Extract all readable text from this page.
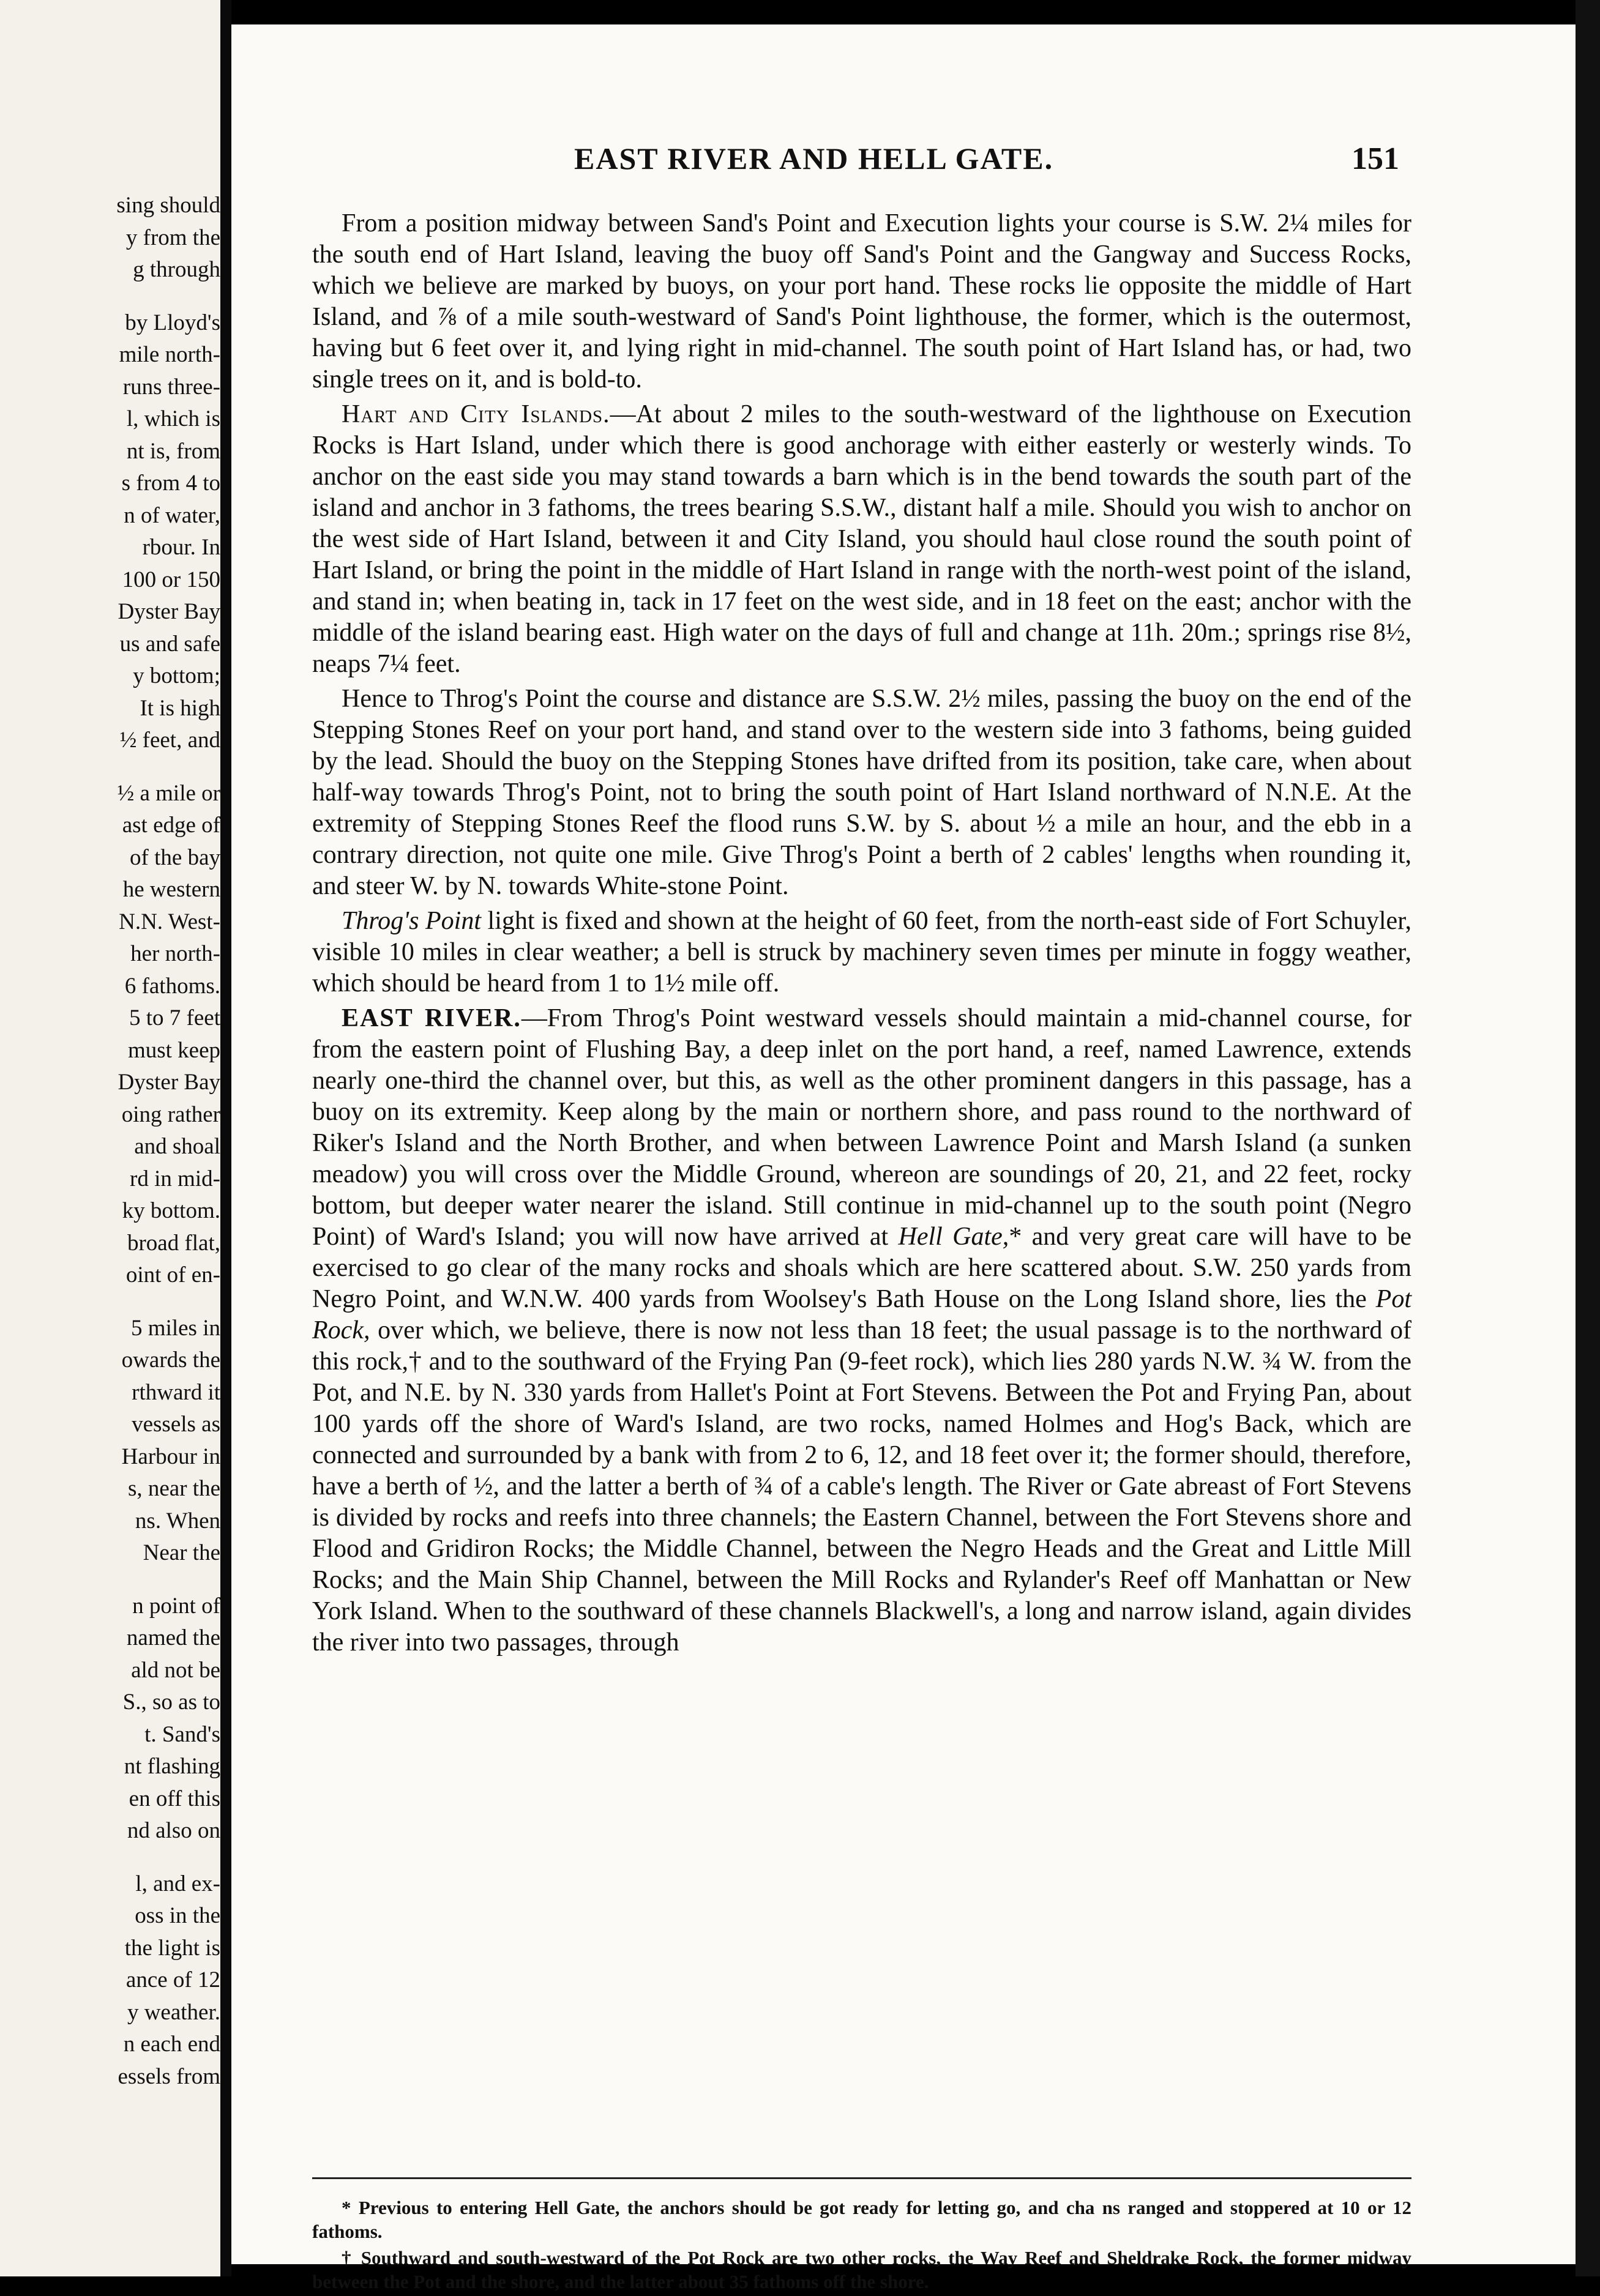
sing should
y from the
g through
by Lloyd's
mile north-
runs three-
l, which is
nt is, from
s from 4 to
n of water,
rbour. In
100 or 150
Dyster Bay
us and safe
y bottom;
It is high
½ feet, and
½ a mile or
ast edge of
of the bay
he western
N.N. West-
her north-
6 fathoms.
5 to 7 feet
must keep
Dyster Bay
oing rather
and shoal
rd in mid-
ky bottom.
broad flat,
oint of en-
5 miles in
owards the
rthward it
vessels as
Harbour in
s, near the
ns. When
Near the
n point of
named the
ald not be
S., so as to
t. Sand's
nt flashing
en off this
nd also on
l, and ex-
oss in the
the light is
ance of 12
y weather.
n each end
essels from
EAST RIVER AND HELL GATE.	151

From a position midway between Sand's Point and Execution lights your course is S.W. 2¼ miles for the south end of Hart Island, leaving the buoy off Sand's Point and the Gangway and Success Rocks, which we believe are marked by buoys, on your port hand. These rocks lie opposite the middle of Hart Island, and ⅞ of a mile south-westward of Sand's Point lighthouse, the former, which is the outermost, having but 6 feet over it, and lying right in mid-channel. The south point of Hart Island has, or had, two single trees on it, and is bold-to.

Hart and City Islands.—At about 2 miles to the south-westward of the lighthouse on Execution Rocks is Hart Island, under which there is good anchorage with either easterly or westerly winds. To anchor on the east side you may stand towards a barn which is in the bend towards the south part of the island and anchor in 3 fathoms, the trees bearing S.S.W., distant half a mile. Should you wish to anchor on the west side of Hart Island, between it and City Island, you should haul close round the south point of Hart Island, or bring the point in the middle of Hart Island in range with the north-west point of the island, and stand in; when beating in, tack in 17 feet on the west side, and in 18 feet on the east; anchor with the middle of the island bearing east. High water on the days of full and change at 11h. 20m.; springs rise 8½, neaps 7¼ feet.

Hence to Throg's Point the course and distance are S.S.W. 2½ miles, passing the buoy on the end of the Stepping Stones Reef on your port hand, and stand over to the western side into 3 fathoms, being guided by the lead. Should the buoy on the Stepping Stones have drifted from its position, take care, when about half-way towards Throg's Point, not to bring the south point of Hart Island northward of N.N.E. At the extremity of Stepping Stones Reef the flood runs S.W. by S. about ½ a mile an hour, and the ebb in a contrary direction, not quite one mile. Give Throg's Point a berth of 2 cables' lengths when rounding it, and steer W. by N. towards White-stone Point.

Throg's Point light is fixed and shown at the height of 60 feet, from the north-east side of Fort Schuyler, visible 10 miles in clear weather; a bell is struck by machinery seven times per minute in foggy weather, which should be heard from 1 to 1½ mile off.

EAST RIVER.—From Throg's Point westward vessels should maintain a mid-channel course, for from the eastern point of Flushing Bay, a deep inlet on the port hand, a reef, named Lawrence, extends nearly one-third the channel over, but this, as well as the other prominent dangers in this passage, has a buoy on its extremity. Keep along by the main or northern shore, and pass round to the northward of Riker's Island and the North Brother, and when between Lawrence Point and Marsh Island (a sunken meadow) you will cross over the Middle Ground, whereon are soundings of 20, 21, and 22 feet, rocky bottom, but deeper water nearer the island. Still continue in mid-channel up to the south point (Negro Point) of Ward's Island; you will now have arrived at Hell Gate,* and very great care will have to be exercised to go clear of the many rocks and shoals which are here scattered about. S.W. 250 yards from Negro Point, and W.N.W. 400 yards from Woolsey's Bath House on the Long Island shore, lies the Pot Rock, over which, we believe, there is now not less than 18 feet; the usual passage is to the northward of this rock,† and to the southward of the Frying Pan (9-feet rock), which lies 280 yards N.W. ¾ W. from the Pot, and N.E. by N. 330 yards from Hallet's Point at Fort Stevens. Between the Pot and Frying Pan, about 100 yards off the shore of Ward's Island, are two rocks, named Holmes and Hog's Back, which are connected and surrounded by a bank with from 2 to 6, 12, and 18 feet over it; the former should, therefore, have a berth of ½, and the latter a berth of ¾ of a cable's length. The River or Gate abreast of Fort Stevens is divided by rocks and reefs into three channels; the Eastern Channel, between the Fort Stevens shore and Flood and Gridiron Rocks; the Middle Channel, between the Negro Heads and the Great and Little Mill Rocks; and the Main Ship Channel, between the Mill Rocks and Rylander's Reef off Manhattan or New York Island. When to the southward of these channels Blackwell's, a long and narrow island, again divides the river into two passages, through

* Previous to entering Hell Gate, the anchors should be got ready for letting go, and cha ns ranged and stoppered at 10 or 12 fathoms.

† Southward and south-westward of the Pot Rock are two other rocks, the Way Reef and Sheldrake Rock, the former midway between the Pot and the shore, and the latter about 35 fathoms off the shore.
